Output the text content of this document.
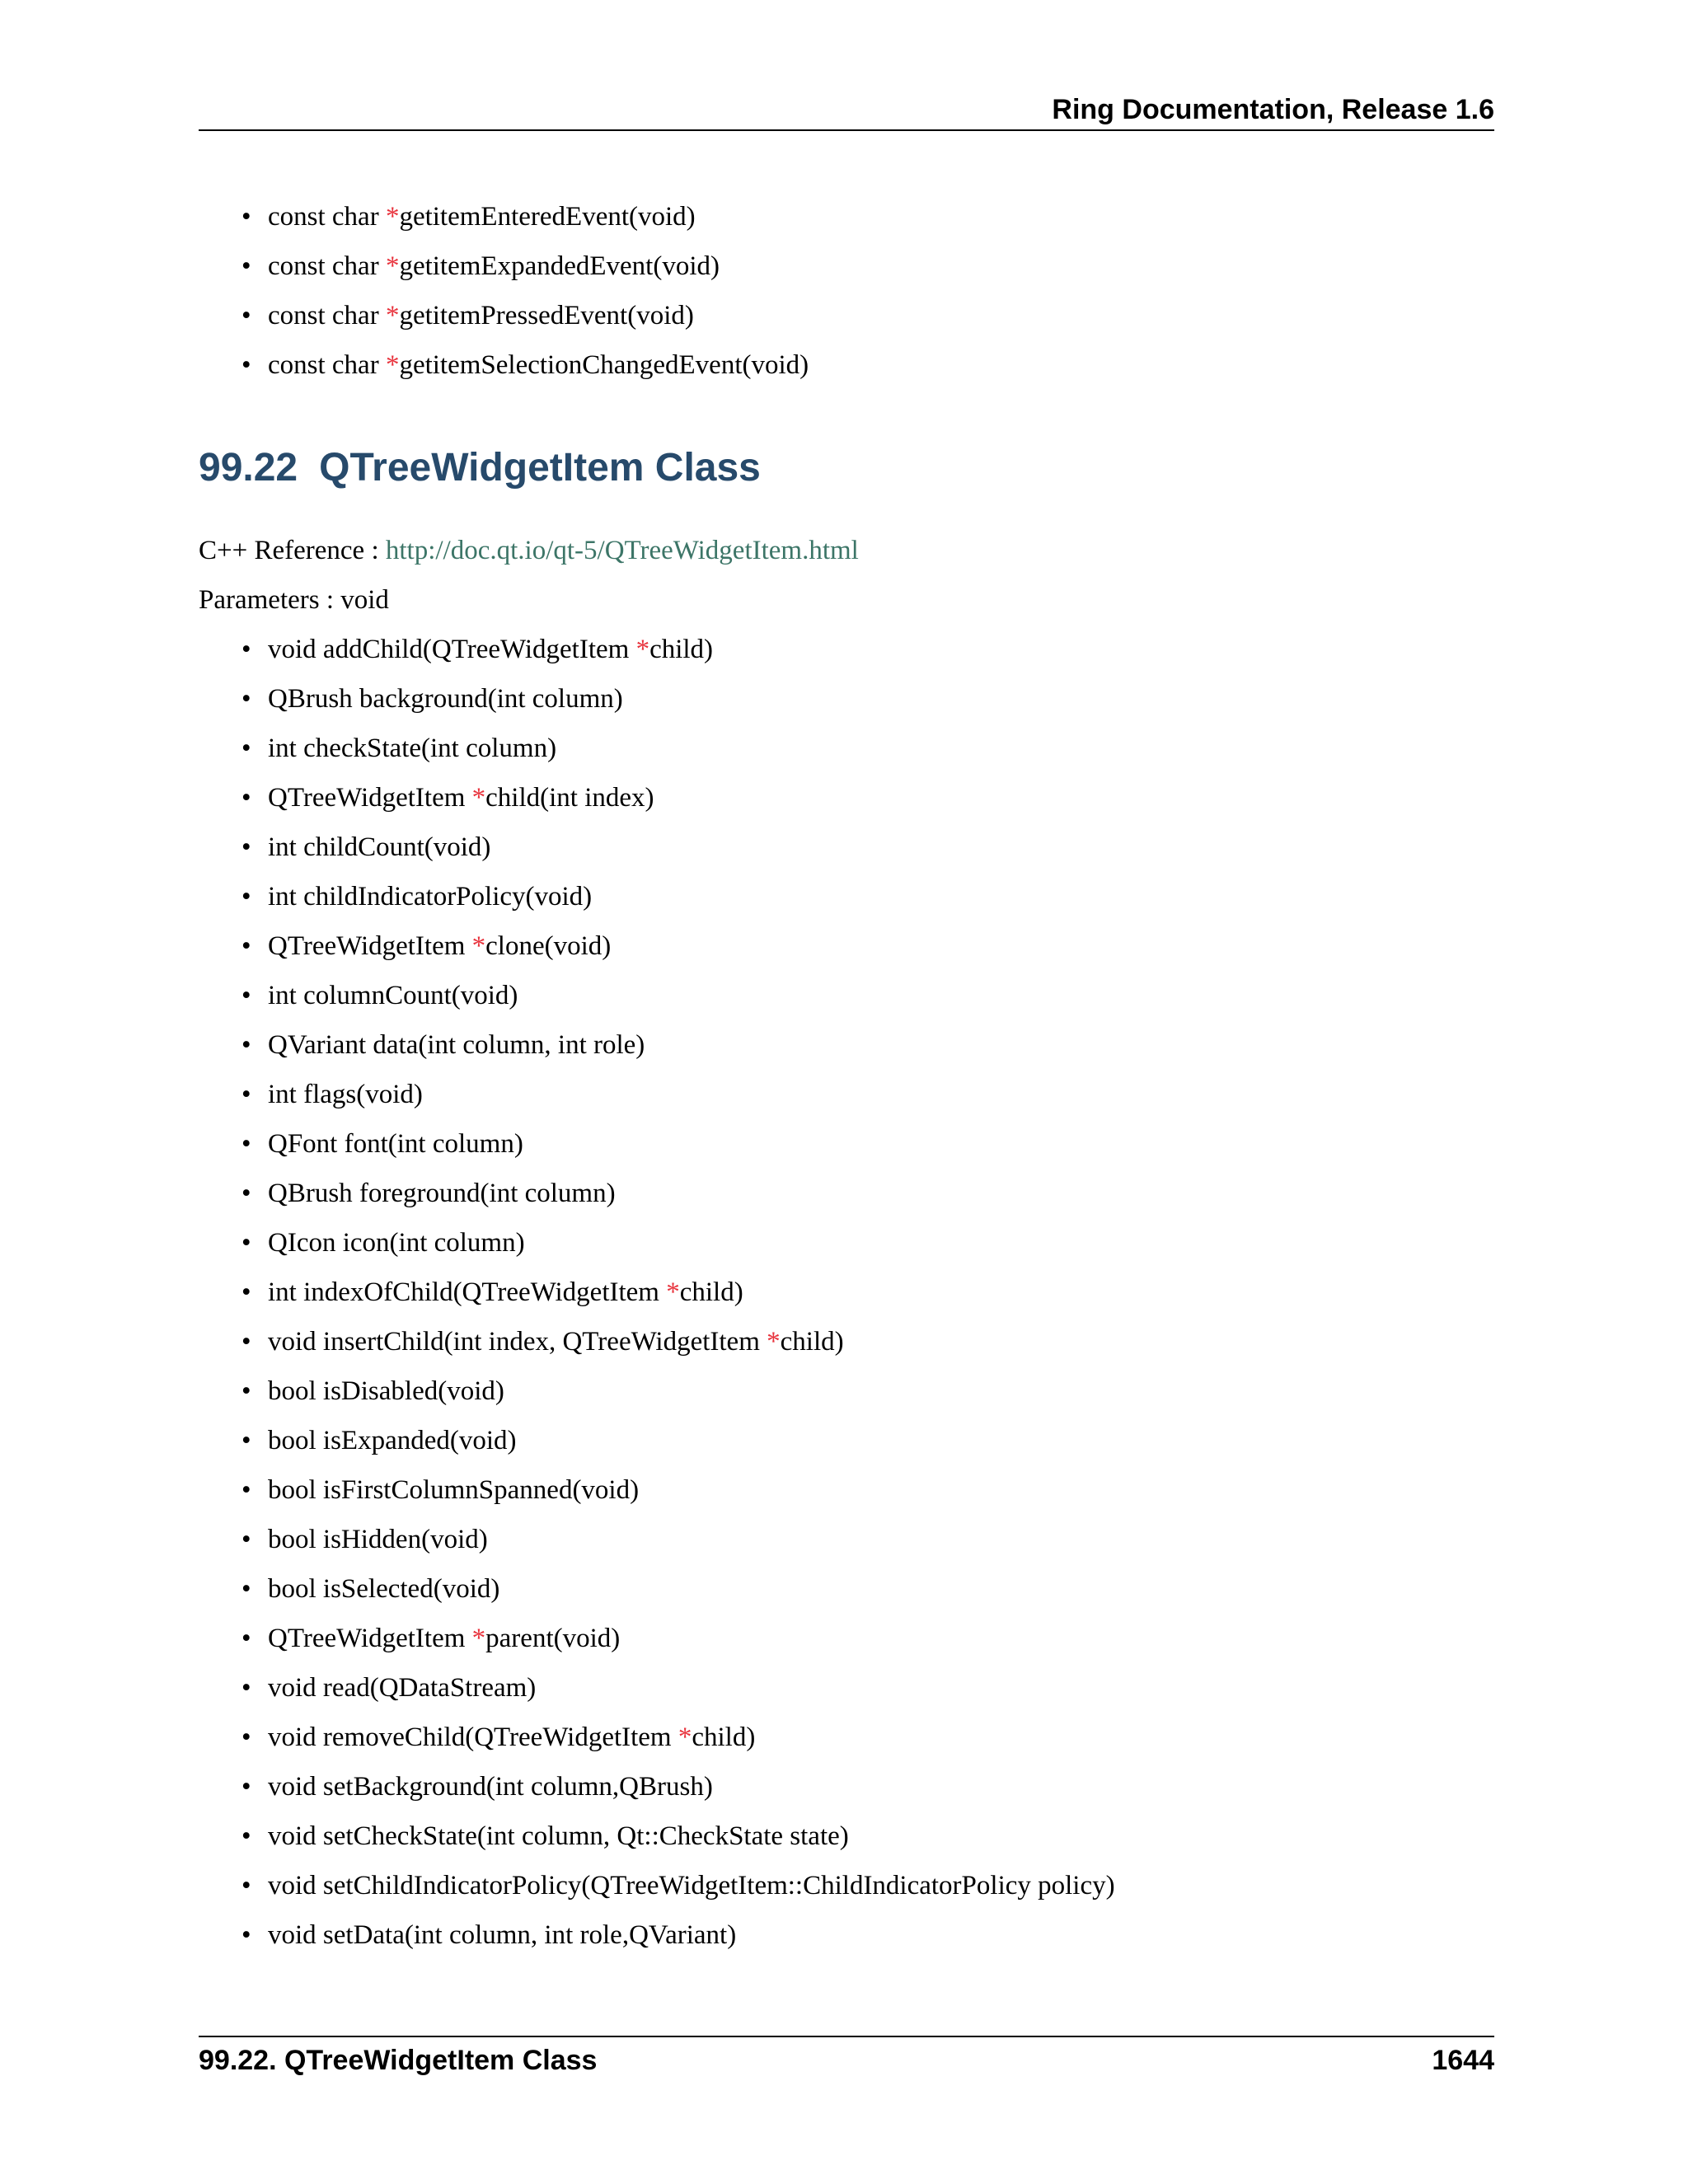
Ring Documentation, Release 1.6
• const char *getitemEnteredEvent(void)
• const char *getitemExpandedEvent(void)
• const char *getitemPressedEvent(void)
• const char *getitemSelectionChangedEvent(void)
99.22 QTreeWidgetItem Class
C++ Reference : http://doc.qt.io/qt-5/QTreeWidgetItem.html
Parameters : void
• void addChild(QTreeWidgetItem *child)
• QBrush background(int column)
• int checkState(int column)
• QTreeWidgetItem *child(int index)
• int childCount(void)
• int childIndicatorPolicy(void)
• QTreeWidgetItem *clone(void)
• int columnCount(void)
• QVariant data(int column, int role)
• int flags(void)
• QFont font(int column)
• QBrush foreground(int column)
• QIcon icon(int column)
• int indexOfChild(QTreeWidgetItem *child)
• void insertChild(int index, QTreeWidgetItem *child)
• bool isDisabled(void)
• bool isExpanded(void)
• bool isFirstColumnSpanned(void)
• bool isHidden(void)
• bool isSelected(void)
• QTreeWidgetItem *parent(void)
• void read(QDataStream)
• void removeChild(QTreeWidgetItem *child)
• void setBackground(int column,QBrush)
• void setCheckState(int column, Qt::CheckState state)
• void setChildIndicatorPolicy(QTreeWidgetItem::ChildIndicatorPolicy policy)
• void setData(int column, int role,QVariant)
99.22. QTreeWidgetItem Class	1644
